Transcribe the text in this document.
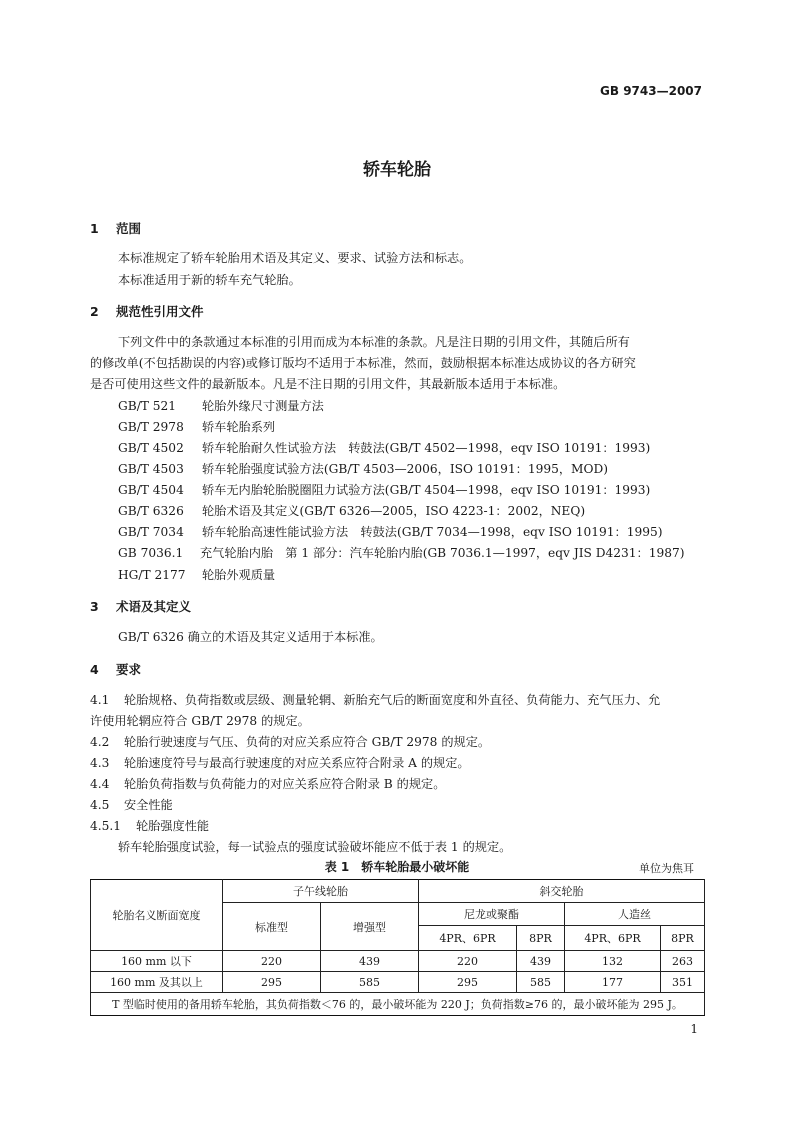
GB 9743—2007
轿车轮胎
1 范围
本标准规定了轿车轮胎用术语及其定义、要求、试验方法和标志。
本标准适用于新的轿车充气轮胎。
2 规范性引用文件
下列文件中的条款通过本标准的引用而成为本标准的条款。凡是注日期的引用文件，其随后所有
的修改单(不包括勘误的内容)或修订版均不适用于本标准，然而，鼓励根据本标准达成协议的各方研究
是否可使用这些文件的最新版本。凡是不注日期的引用文件，其最新版本适用于本标准。
GB/T 521 轮胎外缘尺寸测量方法
GB/T 2978 轿车轮胎系列
GB/T 4502 轿车轮胎耐久性试验方法　转鼓法(GB/T 4502—1998，eqv ISO 10191：1993)
GB/T 4503 轿车轮胎强度试验方法(GB/T 4503—2006，ISO 10191：1995，MOD)
GB/T 4504 轿车无内胎轮胎脱圈阻力试验方法(GB/T 4504—1998，eqv ISO 10191：1993)
GB/T 6326 轮胎术语及其定义(GB/T 6326—2005，ISO 4223-1：2002，NEQ)
GB/T 7034 轿车轮胎高速性能试验方法　转鼓法(GB/T 7034—1998，eqv ISO 10191：1995)
GB 7036.1 充气轮胎内胎　第 1 部分：汽车轮胎内胎(GB 7036.1—1997，eqv JIS D4231：1987)
HG/T 2177 轮胎外观质量
3 术语及其定义
GB/T 6326 确立的术语及其定义适用于本标准。
4 要求
4.1 轮胎规格、负荷指数或层级、测量轮辋、新胎充气后的断面宽度和外直径、负荷能力、充气压力、允
许使用轮辋应符合 GB/T 2978 的规定。
4.2 轮胎行驶速度与气压、负荷的对应关系应符合 GB/T 2978 的规定。
4.3 轮胎速度符号与最高行驶速度的对应关系应符合附录 A 的规定。
4.4 轮胎负荷指数与负荷能力的对应关系应符合附录 B 的规定。
4.5 安全性能
4.5.1 轮胎强度性能
轿车轮胎强度试验，每一试验点的强度试验破坏能应不低于表 1 的规定。
表 1　轿车轮胎最小破坏能	单位为焦耳
轮胎名义断面宽度	子午线轮胎		斜交轮胎			
	标准型	增强型	尼龙或聚酯		人造丝	
			4PR、6PR	8PR	4PR、6PR	8PR
160 mm 以下	220	439	220	439	132	263
160 mm 及其以上	295	585	295	585	177	351
T 型临时使用的备用轿车轮胎，其负荷指数＜76 的，最小破坏能为 220 J；负荷指数≥76 的，最小破坏能为 295 J。						
1
